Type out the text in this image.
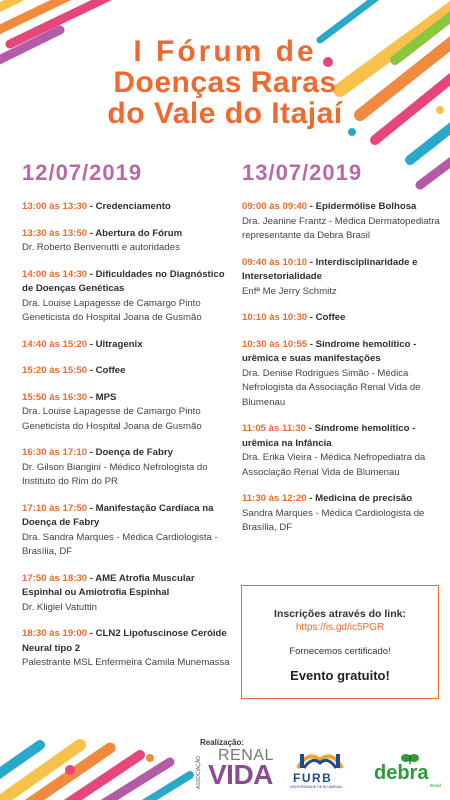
I Fórum de
Doenças Raras
do Vale do Itajaí
12/07/2019
13:00 às 13:30 - Credenciamento
13:30 às 13:50 - Abertura do Fórum
Dr. Roberto Benvenutti e autoridades
14:00 às 14:30 - Dificuldades no Diagnóstico de Doenças Genéticas
Dra. Louise Lapagesse de Camargo Pinto Geneticista do Hospital Joana de Gusmão
14:40 às 15:20 - Ultragenix
15:20 às 15:50 - Coffee
15:50 às 16:30 - MPS
Dra. Louise Lapagesse de Camargo Pinto Geneticista do Hospital Joana de Gusmão
16:30 às 17:10 - Doença de Fabry
Dr. Gilson Biangini - Médico Nefrologista do Instituto do Rim do PR
17:10 às 17:50 - Manifestação Cardíaca na Doença de Fabry
Dra. Sandra Marques - Médica Cardiologista - Brasília, DF
17:50 às 18:30 - AME Atrofia Muscular Espinhal ou Amiotrofia Espinhal
Dr. Kligiel Vatuttin
18:30 às 19:00 - CLN2 Lipofuscinose Ceróide Neural tipo 2
Palestrante MSL Enfermeira Camila Munemassa
13/07/2019
09:00 às 09:40 - Epidermólise Bolhosa
Dra. Jeanine Frantz - Médica Dermatopediatra representante da Debra Brasil
09:40 às 10:10 - Interdisciplinaridade e Intersetorialidade
Enfª Me Jerry Schmitz
10:10 às 10:30 - Coffee
10:30 às 10:55 - Síndrome hemolítico - urêmica e suas manifestações
Dra. Denise Rodrigues Simão - Médica Nefrologista da Associação Renal Vida de Blumenau
11:05 às 11:30 - Síndrome hemolítico - urêmica na Infância
Dra. Erika Vieira - Médica Nefropediatra da Associação Renal Vida de Blumenau
11:30 às 12:20 - Medicina de precisão
Sandra Marques - Médica Cardiologista de Brasília, DF
Inscrições através do link:
https://is.gd/ic5PGR
Fornecemos certificado!
Evento gratuito!
Realização:
ASSOCIAÇÃO
RENAL
VIDA FURB
UNIVERSIDADE DE BLUMENAU
debra
Brasil
